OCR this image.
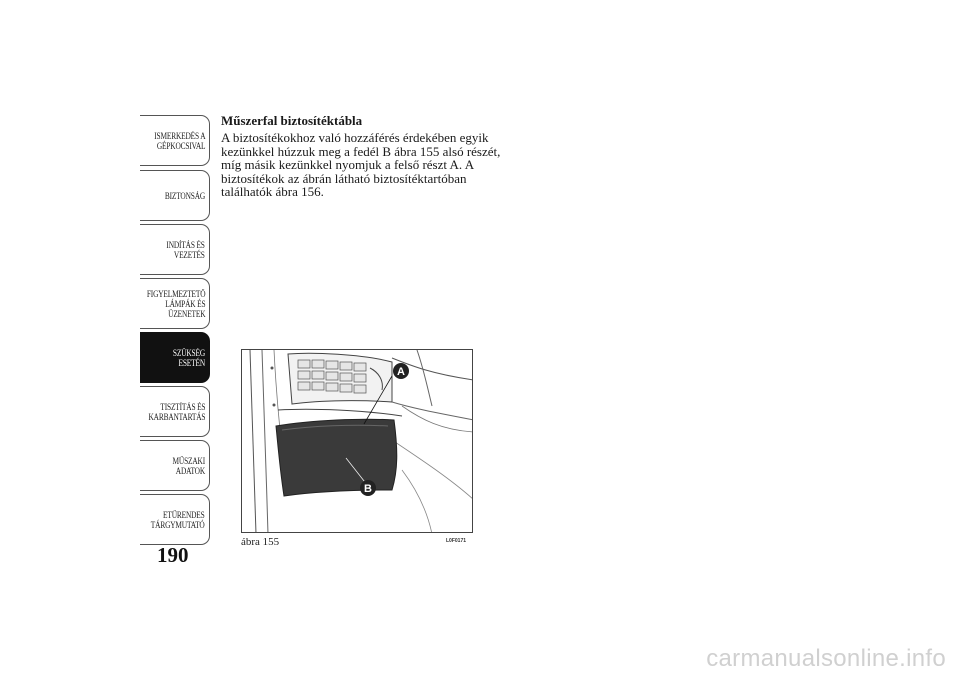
ISMERKEDÉS A
GÉPKOCSIVAL
BIZTONSÁG
INDÍTÁS ÉS
VEZETÉS
FIGYELMEZTETŐ
LÁMPÁK ÉS
ÜZENETEK
SZÜKSÉG ESETÉN
TISZTÍTÁS ÉS
KARBANTARTÁS
MŰSZAKI ADATOK
ETŰRENDES
TÁRGYMUTATÓ
190
Műszerfal biztosítéktábla

A biztosítékokhoz való hozzáférés érdekében egyik kezünkkel húzzuk meg a fedél B ábra 155 alsó részét, míg másik kezünkkel nyomjuk a felső részt A. A biztosítékok az ábrán látható biztosítéktartóban találhatók ábra 156.

A
B
ábra 155	L0F0171
carmanualsonline.info
